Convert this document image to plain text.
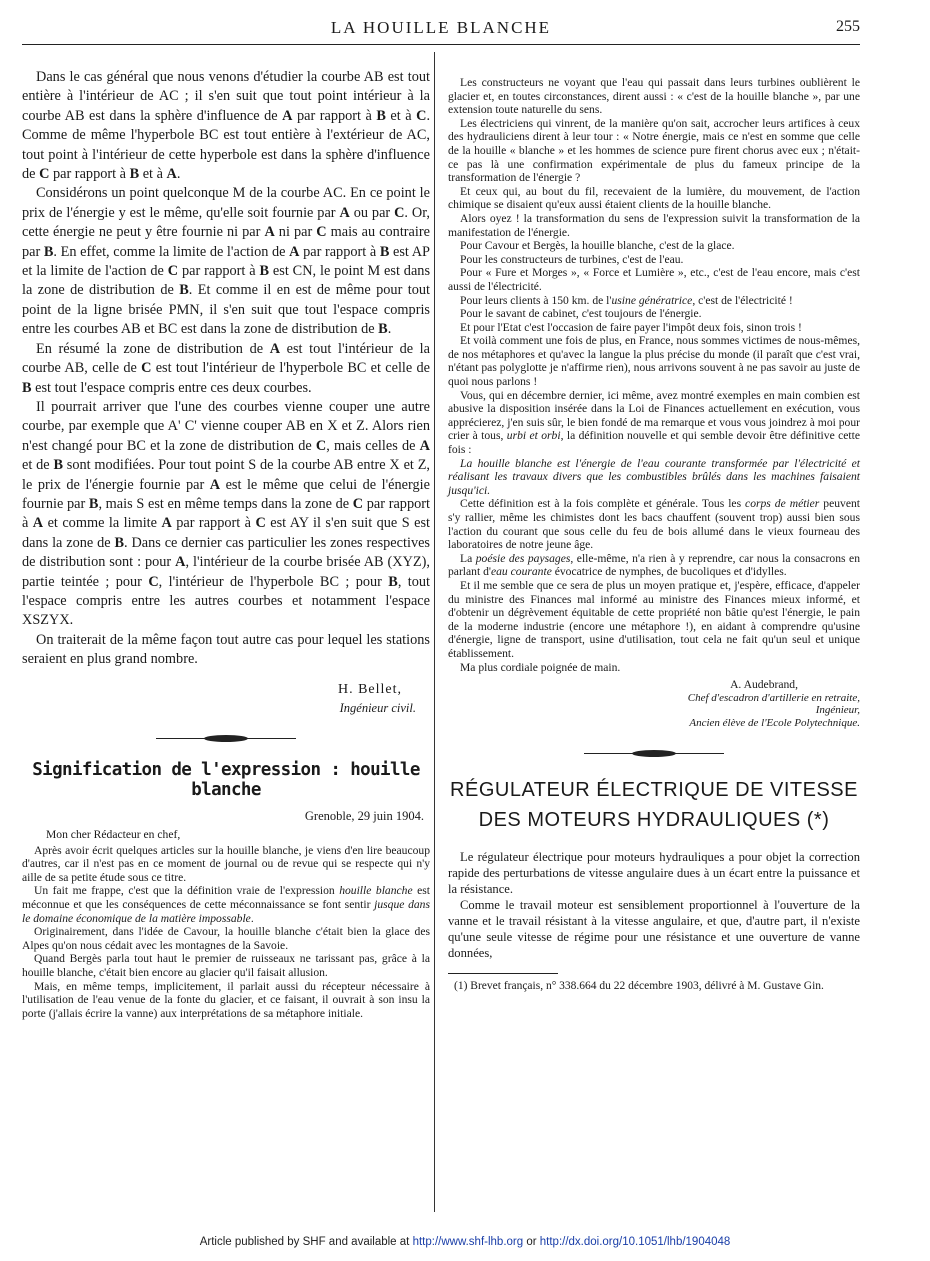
LA HOUILLE BLANCHE	255

Dans le cas général que nous venons d'étudier la courbe AB est tout entière à l'intérieur de AC ; il s'en suit que tout point intérieur à la courbe AB est dans la sphère d'influence de A par rapport à B et à C. Comme de même l'hyperbole BC est tout entière à l'extérieur de AC, tout point à l'intérieur de cette hyperbole est dans la sphère d'influence de C par rapport à B et à A.

Considérons un point quelconque M de la courbe AC. En ce point le prix de l'énergie y est le même, qu'elle soit fournie par A ou par C. Or, cette énergie ne peut y être fournie ni par A ni par C mais au contraire par B. En effet, comme la limite de l'action de A par rapport à B est AP et la limite de l'action de C par rapport à B est CN, le point M est dans la zone de distribution de B. Et comme il en est de même pour tout point de la ligne brisée PMN, il s'en suit que tout l'espace compris entre les courbes AB et BC est dans la zone de distribution de B.

En résumé la zone de distribution de A est tout l'intérieur de la courbe AB, celle de C est tout l'intérieur de l'hyperbole BC et celle de B est tout l'espace compris entre ces deux courbes.

Il pourrait arriver que l'une des courbes vienne couper une autre courbe, par exemple que A' C' vienne couper AB en X et Z. Alors rien n'est changé pour BC et la zone de distribution de C, mais celles de A et de B sont modifiées. Pour tout point S de la courbe AB entre X et Z, le prix de l'énergie fournie par A est le même que celui de l'énergie fournie par B, mais S est en même temps dans la zone de C par rapport à A et comme la limite A par rapport à C est AY il s'en suit que S est dans la zone de B. Dans ce dernier cas particulier les zones respectives de distribution sont : pour A, l'intérieur de la courbe brisée AB (XYZ), partie teintée ; pour C, l'intérieur de l'hyperbole BC ; pour B, tout l'espace compris entre les autres courbes et notamment l'espace XSZYX.

On traiterait de la même façon tout autre cas pour lequel les stations seraient en plus grand nombre.

H. Bellet,

Ingénieur civil.

Signification de l'expression : houille blanche

Grenoble, 29 juin 1904.

Mon cher Rédacteur en chef,

Après avoir écrit quelques articles sur la houille blanche, je viens d'en lire beaucoup d'autres, car il n'est pas en ce moment de journal ou de revue qui se respecte qui n'y aille de sa petite étude sous ce titre.

Un fait me frappe, c'est que la définition vraie de l'expression houille blanche est méconnue et que les conséquences de cette méconnaissance se font sentir jusque dans le domaine économique de la matière impossable.

Originairement, dans l'idée de Cavour, la houille blanche c'était bien la glace des Alpes qu'on nous cédait avec les montagnes de la Savoie.

Quand Bergès parla tout haut le premier de ruisseaux ne tarissant pas, grâce à la houille blanche, c'était bien encore au glacier qu'il faisait allusion.

Mais, en même temps, implicitement, il parlait aussi du récepteur nécessaire à l'utilisation de l'eau venue de la fonte du glacier, et ce faisant, il ouvrait à son insu la porte (j'allais écrire la vanne) aux interprétations de sa métaphore initiale.

Les constructeurs ne voyant que l'eau qui passait dans leurs turbines oublièrent le glacier et, en toutes circonstances, dirent aussi : « c'est de la houille blanche », par une extension toute naturelle du sens.

Les électriciens qui vinrent, de la manière qu'on sait, accrocher leurs artifices à ceux des hydrauliciens dirent à leur tour : « Notre énergie, mais ce n'est en somme que celle de la houille « blanche » et les hommes de science pure firent chorus avec eux ; n'était-ce pas là une confirmation expérimentale de plus du fameux principe de la transformation de l'énergie ?

Et ceux qui, au bout du fil, recevaient de la lumière, du mouvement, de l'action chimique se disaient qu'eux aussi étaient clients de la houille blanche.

Alors oyez ! la transformation du sens de l'expression suivit la transformation de la manifestation de l'énergie.

Pour Cavour et Bergès, la houille blanche, c'est de la glace.

Pour les constructeurs de turbines, c'est de l'eau.

Pour « Fure et Morges », « Force et Lumière », etc., c'est de l'eau encore, mais c'est aussi de l'électricité.

Pour leurs clients à 150 km. de l'usine génératrice, c'est de l'électricité !

Pour le savant de cabinet, c'est toujours de l'énergie.

Et pour l'Etat c'est l'occasion de faire payer l'impôt deux fois, sinon trois !

Et voilà comment une fois de plus, en France, nous sommes victimes de nous-mêmes, de nos métaphores et qu'avec la langue la plus précise du monde (il paraît que c'est vrai, n'étant pas polyglotte je n'affirme rien), nous arrivons souvent à ne pas savoir au juste de quoi nous parlons !

Vous, qui en décembre dernier, ici même, avez montré exemples en main combien est abusive la disposition insérée dans la Loi de Finances actuellement en exécution, vous apprécierez, j'en suis sûr, le bien fondé de ma remarque et vous vous joindrez à moi pour crier à tous, urbi et orbi, la définition nouvelle et qui semble devoir être définitive cette fois :

La houille blanche est l'énergie de l'eau courante transformée par l'électricité et réalisant les travaux divers que les combustibles brûlés dans les machines faisaient jusqu'ici.

Cette définition est à la fois complète et générale. Tous les corps de métier peuvent s'y rallier, même les chimistes dont les bacs chauffent (souvent trop) aussi bien sous l'action du courant que sous celle du feu de bois allumé dans le vieux fourneau des laboratoires de notre jeune âge.

La poésie des paysages, elle-même, n'a rien à y reprendre, car nous la consacrons en parlant d'eau courante évocatrice de nymphes, de bucoliques et d'idylles.

Et il me semble que ce sera de plus un moyen pratique et, j'espère, efficace, d'appeler du ministre des Finances mal informé au ministre des Finances mieux informé, et d'obtenir un dégrèvement équitable de cette propriété non bâtie qu'est l'énergie, le pain de la moderne industrie (encore une métaphore !), en aidant à comprendre qu'usine d'énergie, ligne de transport, usine d'utilisation, tout cela ne fait qu'un seul et unique établissement.

Ma plus cordiale poignée de main.

A. Audebrand,

Chef d'escadron d'artillerie en retraite,

Ingénieur,

Ancien élève de l'Ecole Polytechnique.

RÉGULATEUR ÉLECTRIQUE DE VITESSE
DES MOTEURS HYDRAULIQUES (*)

Le régulateur électrique pour moteurs hydrauliques a pour objet la correction rapide des perturbations de vitesse angulaire dues à un écart entre la puissance et la résistance.

Comme le travail moteur est sensiblement proportionnel à l'ouverture de la vanne et le travail résistant à la vitesse angulaire, et que, d'autre part, il n'existe qu'une seule vitesse de régime pour une résistance et une ouverture de vanne données,

(1) Brevet français, n° 338.664 du 22 décembre 1903, délivré à M. Gustave Gin.

Article published by SHF and available at http://www.shf-lhb.org or http://dx.doi.org/10.1051/lhb/1904048
